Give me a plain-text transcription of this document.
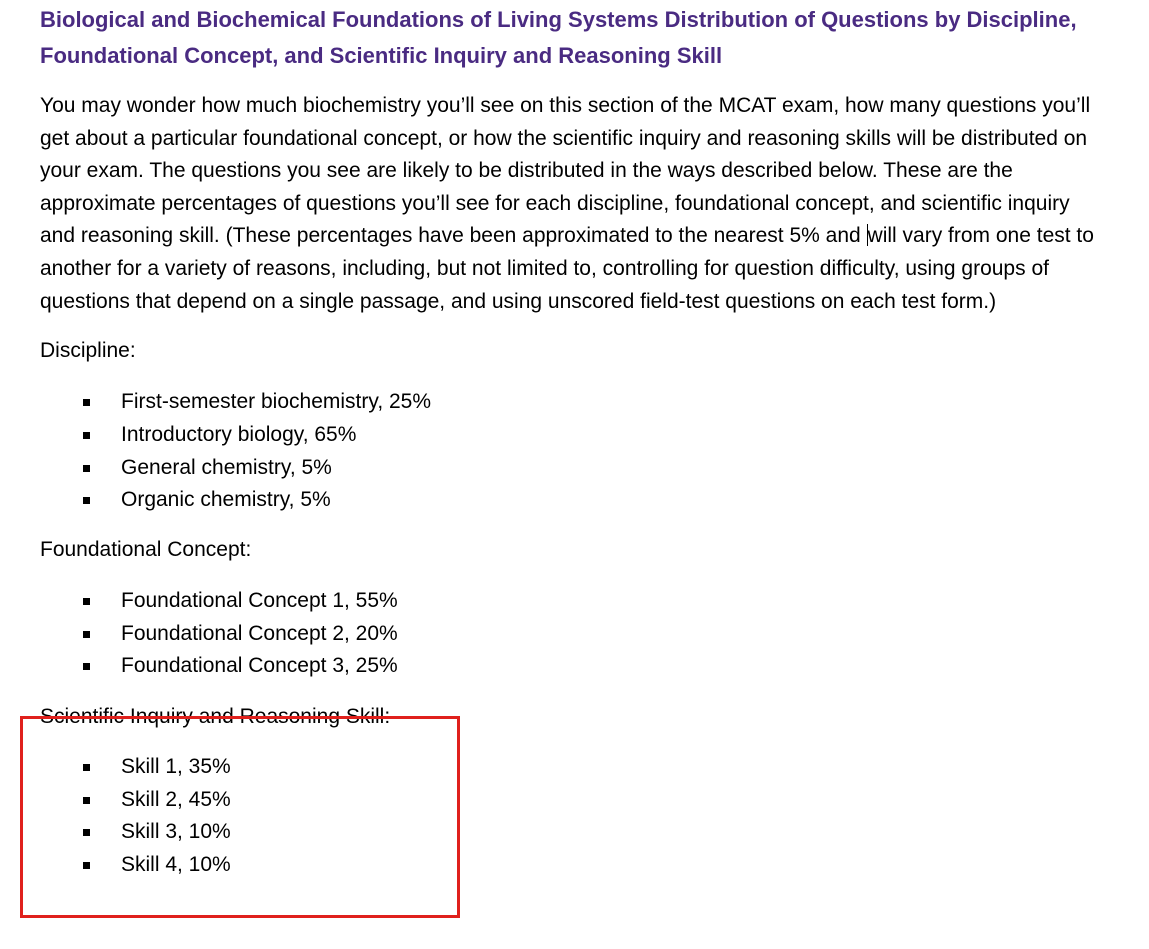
Biological and Biochemical Foundations of Living Systems Distribution of Questions by Discipline, Foundational Concept, and Scientific Inquiry and Reasoning Skill

You may wonder how much biochemistry you’ll see on this section of the MCAT exam, how many questions you’ll get about a particular foundational concept, or how the scientific inquiry and reasoning skills will be distributed on your exam. The questions you see are likely to be distributed in the ways described below. These are the approximate percentages of questions you’ll see for each discipline, foundational concept, and scientific inquiry and reasoning skill. (These percentages have been approximated to the nearest 5% and will vary from one test to another for a variety of reasons, including, but not limited to, controlling for question difficulty, using groups of questions that depend on a single passage, and using unscored field-test questions on each test form.)

Discipline:

First-semester biochemistry, 25%
Introductory biology, 65%
General chemistry, 5%
Organic chemistry, 5%

Foundational Concept:

Foundational Concept 1, 55%
Foundational Concept 2, 20%
Foundational Concept 3, 25%

Scientific Inquiry and Reasoning Skill:

Skill 1, 35%
Skill 2, 45%
Skill 3, 10%
Skill 4, 10%
